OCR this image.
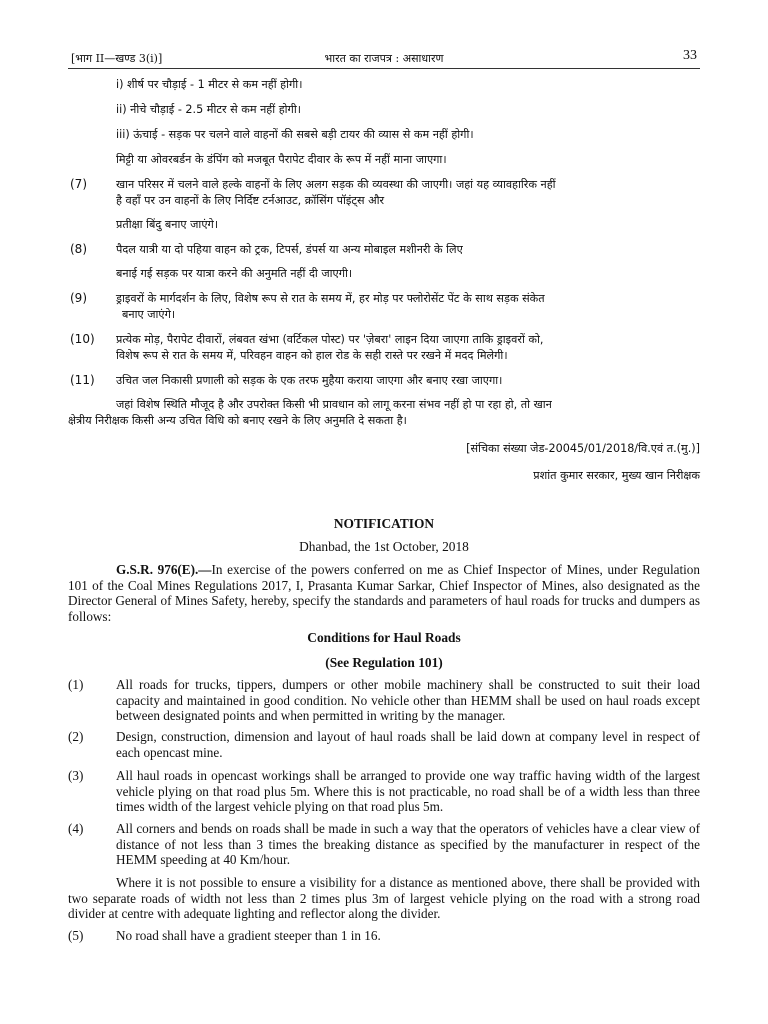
[भाग II—खण्ड 3(i)]	भारत का राजपत्र : असाधारण	33
i) शीर्ष पर चौड़ाई - 1 मीटर से कम नहीं होगी।
ii) नीचे चौड़ाई - 2.5 मीटर से कम नहीं होगी।
iii) ऊंचाई - सड़क पर चलने वाले वाहनों की सबसे बड़ी टायर की व्यास से कम नहीं होगी।
मिट्टी या ओवरबर्डन के डंपिंग को मजबूत पैरापेट दीवार के रूप में नहीं माना जाएगा।
(7)	खान परिसर में चलने वाले हल्के वाहनों के लिए अलग सड़क की व्यवस्था की जाएगी। जहां यह व्यावहारिक नहीं
है वहाँ पर उन वाहनों के लिए निर्दिष्ट टर्नआउट, क्रॉसिंग पॉइंट्स और
प्रतीक्षा बिंदु बनाए जाएंगे।
(8)	पैदल यात्री या दो पहिया वाहन को ट्रक, टिपर्स, डंपर्स या अन्य मोबाइल मशीनरी के लिए
बनाई गई सड़क पर यात्रा करने की अनुमति नहीं दी जाएगी।
(9)	ड्राइवरों के मार्गदर्शन के लिए, विशेष रूप से रात के समय में, हर मोड़ पर फ्लोरोसेंट पेंट के साथ सड़क संकेत
बनाए जाएंगे।
(10) प्रत्येक मोड़, पैरापेट दीवारों, लंबवत खंभा (वर्टिकल पोस्ट) पर 'ज़ेबरा' लाइन दिया जाएगा ताकि ड्राइवरों को,
विशेष रूप से रात के समय में, परिवहन वाहन को हाल रोड के सही रास्ते पर रखने में मदद मिलेगी।
(11) उचित जल निकासी प्रणाली को सड़क के एक तरफ मुहैया कराया जाएगा और बनाए रखा जाएगा।
जहां विशेष स्थिति मौजूद है और उपरोक्त किसी भी प्रावधान को लागू करना संभव नहीं हो पा रहा हो, तो खान
क्षेत्रीय निरीक्षक किसी अन्य उचित विधि को बनाए रखने के लिए अनुमति दे सकता है।
[संचिका संख्या जेड-20045/01/2018/वि.एवं त.(मु.)]
प्रशांत कुमार सरकार, मुख्य खान निरीक्षक
NOTIFICATION
Dhanbad, the 1st October, 2018
G.S.R. 976(E).—In exercise of the powers conferred on me as Chief Inspector of Mines, under Regulation 101 of the Coal Mines Regulations 2017, I, Prasanta Kumar Sarkar, Chief Inspector of Mines, also designated as the Director General of Mines Safety, hereby, specify the standards and parameters of haul roads for trucks and dumpers as follows:
Conditions for Haul Roads
(See Regulation 101)
(1) All roads for trucks, tippers, dumpers or other mobile machinery shall be constructed to suit their load capacity and maintained in good condition. No vehicle other than HEMM shall be used on haul roads except between designated points and when permitted in writing by the manager.
(2) Design, construction, dimension and layout of haul roads shall be laid down at company level in respect of each opencast mine.
(3) All haul roads in opencast workings shall be arranged to provide one way traffic having width of the largest vehicle plying on that road plus 5m. Where this is not practicable, no road shall be of a width less than three times width of the largest vehicle plying on that road plus 5m.
(4) All corners and bends on roads shall be made in such a way that the operators of vehicles have a clear view of distance of not less than 3 times the breaking distance as specified by the manufacturer in respect of the HEMM speeding at 40 Km/hour.
Where it is not possible to ensure a visibility for a distance as mentioned above, there shall be provided with two separate roads of width not less than 2 times plus 3m of largest vehicle plying on the road with a strong road divider at centre with adequate lighting and reflector along the divider.
(5) No road shall have a gradient steeper than 1 in 16.
